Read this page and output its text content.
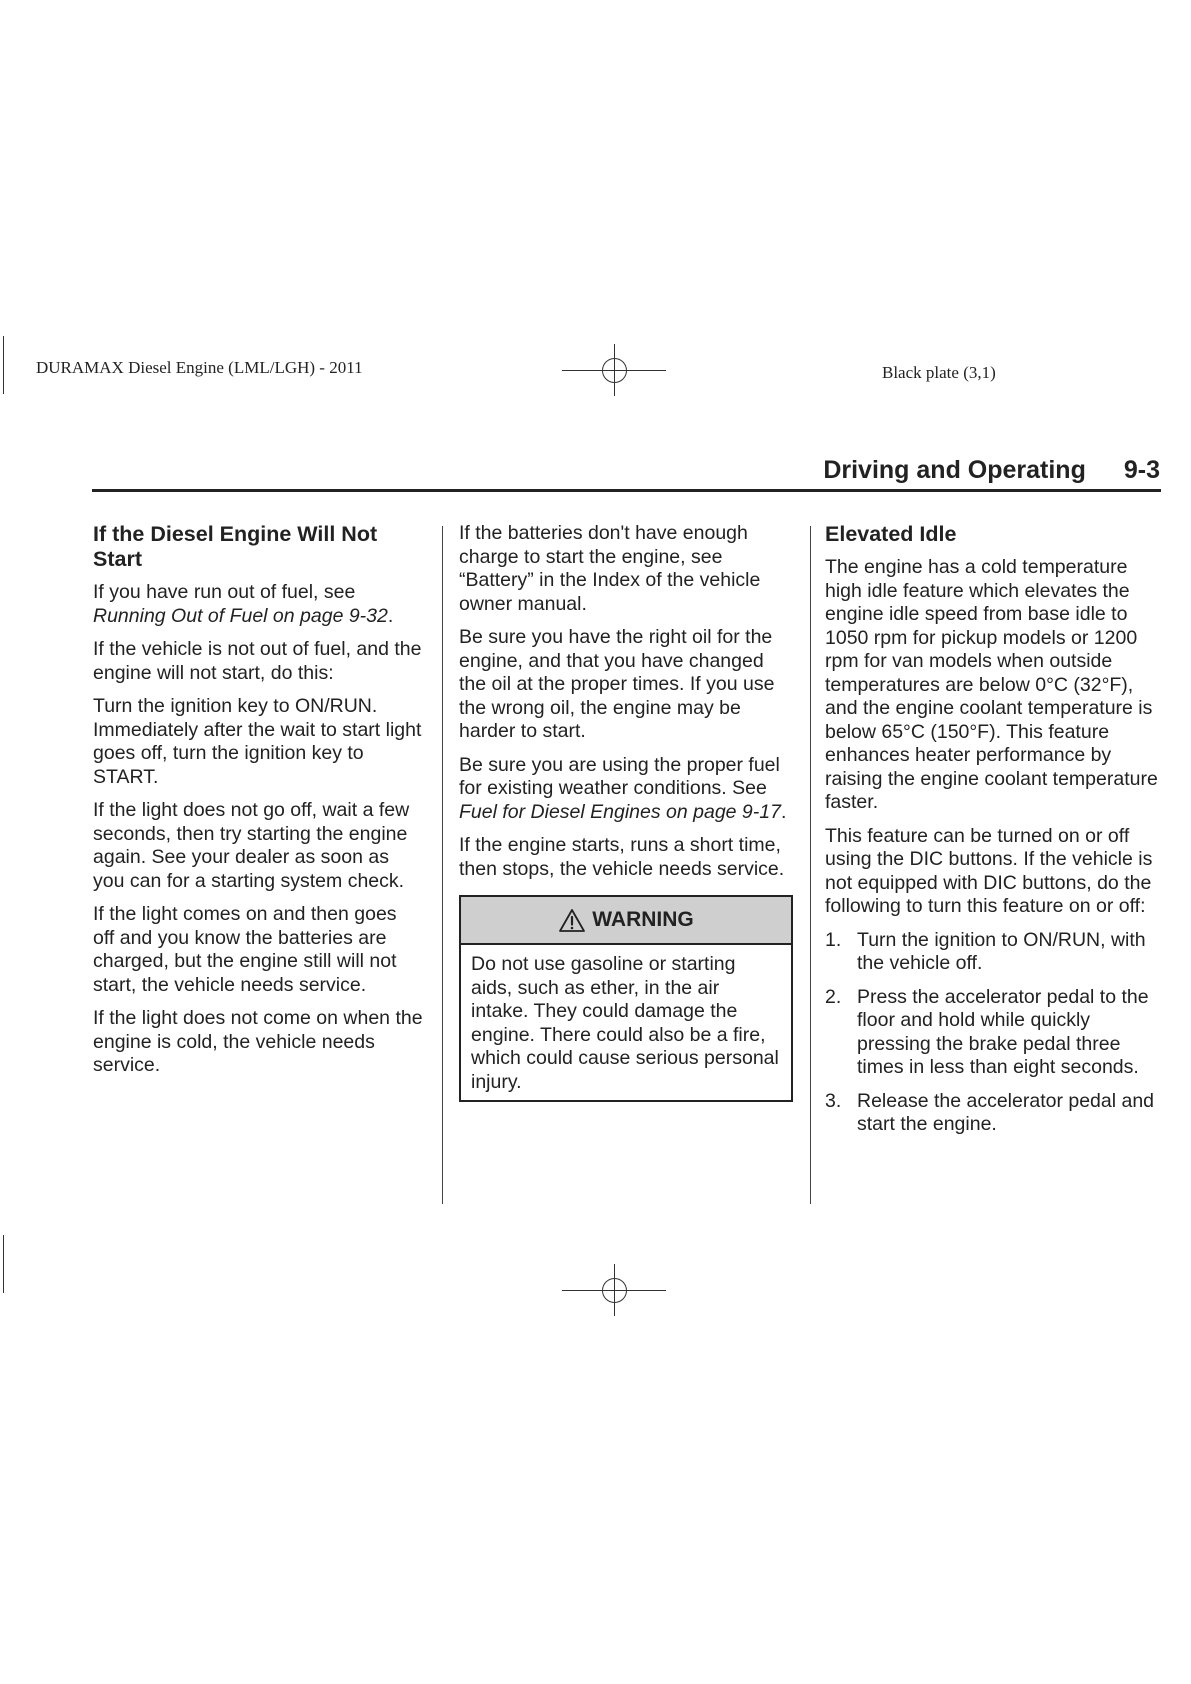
DURAMAX Diesel Engine (LML/LGH) - 2011	Black plate (3,1)
Driving and Operating 9-3
If the Diesel Engine Will Not Start

If you have run out of fuel, see Running Out of Fuel on page 9-32.

If the vehicle is not out of fuel, and the engine will not start, do this:

Turn the ignition key to ON/RUN. Immediately after the wait to start light goes off, turn the ignition key to START.

If the light does not go off, wait a few seconds, then try starting the engine again. See your dealer as soon as you can for a starting system check.

If the light comes on and then goes off and you know the batteries are charged, but the engine still will not start, the vehicle needs service.

If the light does not come on when the engine is cold, the vehicle needs service.

If the batteries don't have enough charge to start the engine, see “Battery” in the Index of the vehicle owner manual.

Be sure you have the right oil for the engine, and that you have changed the oil at the proper times. If you use the wrong oil, the engine may be harder to start.

Be sure you are using the proper fuel for existing weather conditions. See Fuel for Diesel Engines on page 9-17.

If the engine starts, runs a short time, then stops, the vehicle needs service.

WARNING

Do not use gasoline or starting aids, such as ether, in the air intake. They could damage the engine. There could also be a fire, which could cause serious personal injury.

Elevated Idle

The engine has a cold temperature high idle feature which elevates the engine idle speed from base idle to 1050 rpm for pickup models or 1200 rpm for van models when outside temperatures are below 0°C (32°F), and the engine coolant temperature is below 65°C (150°F). This feature enhances heater performance by raising the engine coolant temperature faster.

This feature can be turned on or off using the DIC buttons. If the vehicle is not equipped with DIC buttons, do the following to turn this feature on or off:

1. Turn the ignition to ON/RUN, with the vehicle off.
2. Press the accelerator pedal to the floor and hold while quickly pressing the brake pedal three times in less than eight seconds.
3. Release the accelerator pedal and start the engine.
